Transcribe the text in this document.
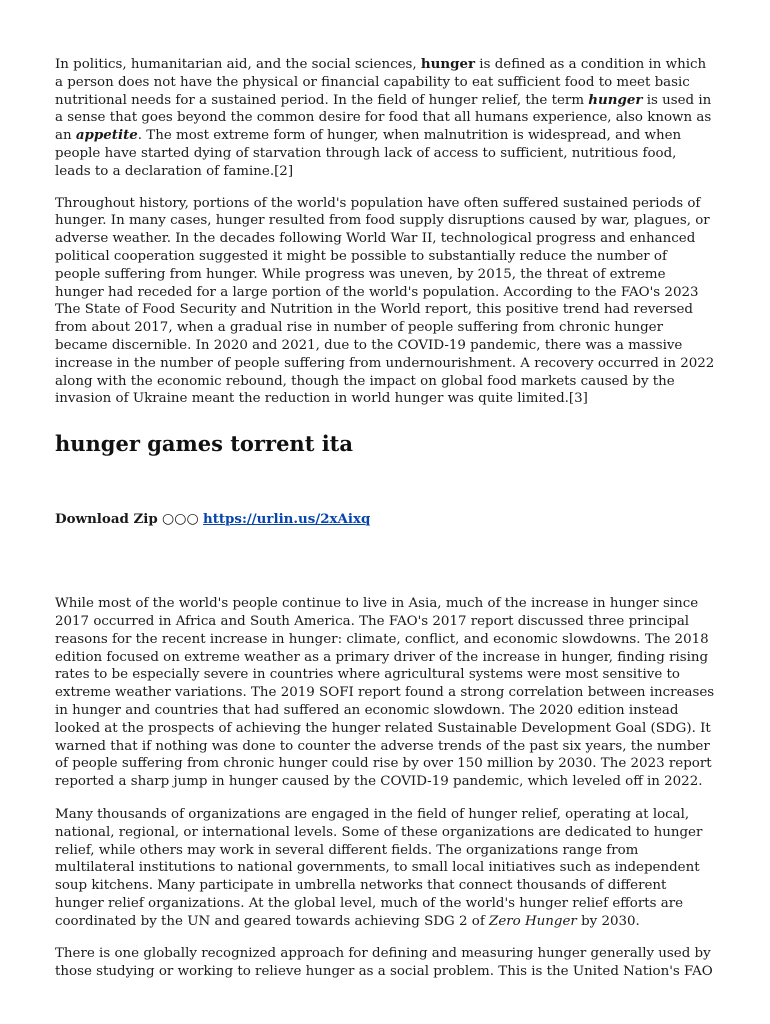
In politics, humanitarian aid, and the social sciences, hunger is defined as a condition in which a person does not have the physical or financial capability to eat sufficient food to meet basic nutritional needs for a sustained period. In the field of hunger relief, the term hunger is used in a sense that goes beyond the common desire for food that all humans experience, also known as an appetite. The most extreme form of hunger, when malnutrition is widespread, and when people have started dying of starvation through lack of access to sufficient, nutritious food, leads to a declaration of famine.[2]

Throughout history, portions of the world's population have often suffered sustained periods of hunger. In many cases, hunger resulted from food supply disruptions caused by war, plagues, or adverse weather. In the decades following World War II, technological progress and enhanced political cooperation suggested it might be possible to substantially reduce the number of people suffering from hunger. While progress was uneven, by 2015, the threat of extreme hunger had receded for a large portion of the world's population. According to the FAO's 2023 The State of Food Security and Nutrition in the World report, this positive trend had reversed from about 2017, when a gradual rise in number of people suffering from chronic hunger became discernible. In 2020 and 2021, due to the COVID-19 pandemic, there was a massive increase in the number of people suffering from undernourishment. A recovery occurred in 2022 along with the economic rebound, though the impact on global food markets caused by the invasion of Ukraine meant the reduction in world hunger was quite limited.[3]

hunger games torrent ita
Download Zip ○○○ https://urlin.us/2xAixq

While most of the world's people continue to live in Asia, much of the increase in hunger since 2017 occurred in Africa and South America. The FAO's 2017 report discussed three principal reasons for the recent increase in hunger: climate, conflict, and economic slowdowns. The 2018 edition focused on extreme weather as a primary driver of the increase in hunger, finding rising rates to be especially severe in countries where agricultural systems were most sensitive to extreme weather variations. The 2019 SOFI report found a strong correlation between increases in hunger and countries that had suffered an economic slowdown. The 2020 edition instead looked at the prospects of achieving the hunger related Sustainable Development Goal (SDG). It warned that if nothing was done to counter the adverse trends of the past six years, the number of people suffering from chronic hunger could rise by over 150 million by 2030. The 2023 report reported a sharp jump in hunger caused by the COVID-19 pandemic, which leveled off in 2022.

Many thousands of organizations are engaged in the field of hunger relief, operating at local, national, regional, or international levels. Some of these organizations are dedicated to hunger relief, while others may work in several different fields. The organizations range from multilateral institutions to national governments, to small local initiatives such as independent soup kitchens. Many participate in umbrella networks that connect thousands of different hunger relief organizations. At the global level, much of the world's hunger relief efforts are coordinated by the UN and geared towards achieving SDG 2 of Zero Hunger by 2030.

There is one globally recognized approach for defining and measuring hunger generally used by those studying or working to relieve hunger as a social problem. This is the United Nation's FAO
